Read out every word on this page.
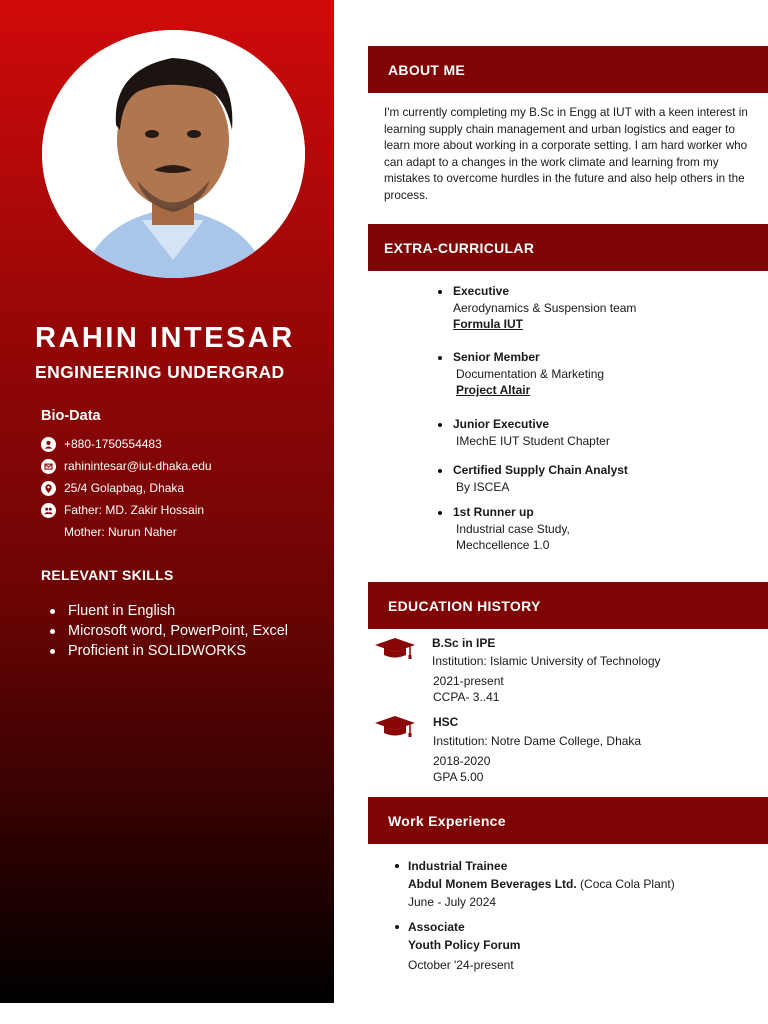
RAHIN INTESAR
ENGINEERING UNDERGRAD
Bio-Data
+880-1750554483
rahinintesar@iut-dhaka.edu
25/4 Golapbag, Dhaka
Father: MD. Zakir Hossain
Mother: Nurun Naher
RELEVANT SKILLS
Fluent in English
Microsoft word, PowerPoint, Excel
Proficient in SOLIDWORKS
ABOUT ME
I'm currently completing my B.Sc in Engg at IUT with a keen interest in learning supply chain management and urban logistics and eager to learn more about working in a corporate setting. I am hard worker who can adapt to a changes in the work climate and learning from my mistakes to overcome hurdles in the future and also help others in the process.
EXTRA-CURRICULAR
Executive
Aerodynamics & Suspension team
Formula IUT
Senior Member
Documentation & Marketing
Project Altair
Junior Executive
IMechE IUT Student Chapter
Certified Supply Chain Analyst
By ISCEA
1st Runner up
Industrial case Study,
Mechcellence 1.0
EDUCATION HISTORY
B.Sc in IPE
Institution: Islamic University of Technology
2021-present
CCPA- 3..41
HSC
Institution: Notre Dame College, Dhaka
2018-2020
GPA 5.00
Work Experience
Industrial Trainee
Abdul Monem Beverages Ltd. (Coca Cola Plant)
June - July 2024
Associate
Youth Policy Forum
October '24-present
